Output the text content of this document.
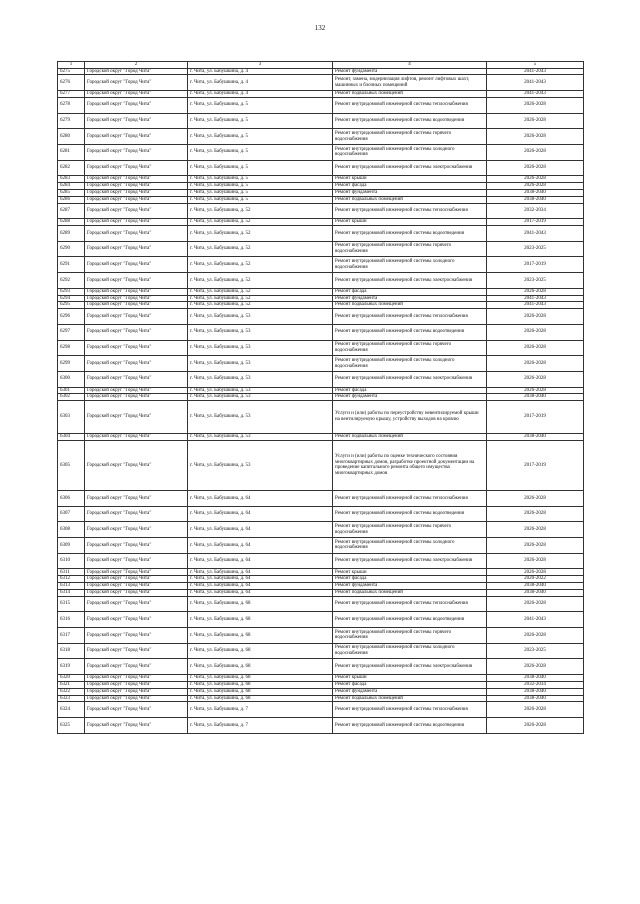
132
1	2	3	4	5
6275	Городской округ "Город Чита"	г. Чита, ул. Бабушкина, д. 4	Ремонт фундамента	2041-2043
6276	Городской округ "Город Чита"	г. Чита, ул. Бабушкина, д. 4	Ремонт, замена, модернизация лифтов, ремонт лифтовых шахт, машинных и блочных помещений	2041-2043
6277	Городской округ "Город Чита"	г. Чита, ул. Бабушкина, д. 4	Ремонт подвальных помещений	2041-2043
6278	Городской округ "Город Чита"	г. Чита, ул. Бабушкина, д. 5	Ремонт внутридомовой инженерной системы теплоснабжения	2026-2028
6279	Городской округ "Город Чита"	г. Чита, ул. Бабушкина, д. 5	Ремонт внутридомовой инженерной системы водоотведения	2026-2028
6280	Городской округ "Город Чита"	г. Чита, ул. Бабушкина, д. 5	Ремонт внутридомовой инженерной системы горячего водоснабжения	2026-2028
6281	Городской округ "Город Чита"	г. Чита, ул. Бабушкина, д. 5	Ремонт внутридомовой инженерной системы холодного водоснабжения	2026-2028
6282	Городской округ "Город Чита"	г. Чита, ул. Бабушкина, д. 5	Ремонт внутридомовой инженерной системы электроснабжения	2026-2028
6283	Городской округ "Город Чита"	г. Чита, ул. Бабушкина, д. 5	Ремонт крыши	2026-2028
6284	Городской округ "Город Чита"	г. Чита, ул. Бабушкина, д. 5	Ремонт фасада	2026-2028
6285	Городской округ "Город Чита"	г. Чита, ул. Бабушкина, д. 5	Ремонт фундамента	2038-2040
6286	Городской округ "Город Чита"	г. Чита, ул. Бабушкина, д. 5	Ремонт подвальных помещений	2038-2040
6287	Городской округ "Город Чита"	г. Чита, ул. Бабушкина, д. 52	Ремонт внутридомовой инженерной системы теплоснабжения	2032-2034
6288	Городской округ "Город Чита"	г. Чита, ул. Бабушкина, д. 52	Ремонт крыши	2017-2019
6289	Городской округ "Город Чита"	г. Чита, ул. Бабушкина, д. 52	Ремонт внутридомовой инженерной системы водоотведения	2041-2043
6290	Городской округ "Город Чита"	г. Чита, ул. Бабушкина, д. 52	Ремонт внутридомовой инженерной системы горячего водоснабжения	2023-2025
6291	Городской округ "Город Чита"	г. Чита, ул. Бабушкина, д. 52	Ремонт внутридомовой инженерной системы холодного водоснабжения	2017-2019
6292	Городской округ "Город Чита"	г. Чита, ул. Бабушкина, д. 52	Ремонт внутридомовой инженерной системы электроснабжения	2023-2025
6293	Городской округ "Город Чита"	г. Чита, ул. Бабушкина, д. 52	Ремонт фасада	2026-2028
6294	Городской округ "Город Чита"	г. Чита, ул. Бабушкина, д. 52	Ремонт фундамента	2041-2043
6295	Городской округ "Город Чита"	г. Чита, ул. Бабушкина, д. 52	Ремонт подвальных помещений	2041-2043
6296	Городской округ "Город Чита"	г. Чита, ул. Бабушкина, д. 53	Ремонт внутридомовой инженерной системы теплоснабжения	2026-2028
6297	Городской округ "Город Чита"	г. Чита, ул. Бабушкина, д. 53	Ремонт внутридомовой инженерной системы водоотведения	2026-2028
6298	Городской округ "Город Чита"	г. Чита, ул. Бабушкина, д. 53	Ремонт внутридомовой инженерной системы горячего водоснабжения	2026-2028
6299	Городской округ "Город Чита"	г. Чита, ул. Бабушкина, д. 53	Ремонт внутридомовой инженерной системы холодного водоснабжения	2026-2028
6300	Городской округ "Город Чита"	г. Чита, ул. Бабушкина, д. 53	Ремонт внутридомовой инженерной системы электроснабжения	2026-2028
6301	Городской округ "Город Чита"	г. Чита, ул. Бабушкина, д. 53	Ремонт фасада	2026-2028
6302	Городской округ "Город Чита"	г. Чита, ул. Бабушкина, д. 53	Ремонт фундамента	2038-2040
6303	Городской округ "Город Чита"	г. Чита, ул. Бабушкина, д. 53	Услуги и (или) работы по переустройству невентилируемой крыши на вентилируемую крышу, устройству выходов на кровлю	2017-2019
6304	Городской округ "Город Чита"	г. Чита, ул. Бабушкина, д. 53	Ремонт подвальных помещений	2038-2040
6305	Городской округ "Город Чита"	г. Чита, ул. Бабушкина, д. 53	Услуги и (или) работы по оценке технического состояния многоквартирных домов, разработке проектной документации на проведение капитального ремонта общего имущества многоквартирных домов	2017-2019
6306	Городской округ "Город Чита"	г. Чита, ул. Бабушкина, д. 64	Ремонт внутридомовой инженерной системы теплоснабжения	2026-2028
6307	Городской округ "Город Чита"	г. Чита, ул. Бабушкина, д. 64	Ремонт внутридомовой инженерной системы водоотведения	2026-2028
6308	Городской округ "Город Чита"	г. Чита, ул. Бабушкина, д. 64	Ремонт внутридомовой инженерной системы горячего водоснабжения	2026-2028
6309	Городской округ "Город Чита"	г. Чита, ул. Бабушкина, д. 64	Ремонт внутридомовой инженерной системы холодного водоснабжения	2026-2028
6310	Городской округ "Город Чита"	г. Чита, ул. Бабушкина, д. 64	Ремонт внутридомовой инженерной системы электроснабжения	2026-2028
6311	Городской округ "Город Чита"	г. Чита, ул. Бабушкина, д. 64	Ремонт крыши	2026-2028
6312	Городской округ "Город Чита"	г. Чита, ул. Бабушкина, д. 64	Ремонт фасада	2020-2022
6313	Городской округ "Город Чита"	г. Чита, ул. Бабушкина, д. 64	Ремонт фундамента	2038-2040
6314	Городской округ "Город Чита"	г. Чита, ул. Бабушкина, д. 64	Ремонт подвальных помещений	2038-2040
6315	Городской округ "Город Чита"	г. Чита, ул. Бабушкина, д. 68	Ремонт внутридомовой инженерной системы теплоснабжения	2026-2028
6316	Городской округ "Город Чита"	г. Чита, ул. Бабушкина, д. 68	Ремонт внутридомовой инженерной системы водоотведения	2041-2043
6317	Городской округ "Город Чита"	г. Чита, ул. Бабушкина, д. 68	Ремонт внутридомовой инженерной системы горячего водоснабжения	2026-2028
6318	Городской округ "Город Чита"	г. Чита, ул. Бабушкина, д. 68	Ремонт внутридомовой инженерной системы холодного водоснабжения	2023-2025
6319	Городской округ "Город Чита"	г. Чита, ул. Бабушкина, д. 68	Ремонт внутридомовой инженерной системы электроснабжения	2026-2028
6320	Городской округ "Город Чита"	г. Чита, ул. Бабушкина, д. 68	Ремонт крыши	2038-2040
6321	Городской округ "Город Чита"	г. Чита, ул. Бабушкина, д. 68	Ремонт фасада	2032-2034
6322	Городской округ "Город Чита"	г. Чита, ул. Бабушкина, д. 68	Ремонт фундамента	2038-2040
6323	Городской округ "Город Чита"	г. Чита, ул. Бабушкина, д. 68	Ремонт подвальных помещений	2038-2040
6324	Городской округ "Город Чита"	г. Чита, ул. Бабушкина, д. 7	Ремонт внутридомовой инженерной системы теплоснабжения	2026-2028
6325	Городской округ "Город Чита"	г. Чита, ул. Бабушкина, д. 7	Ремонт внутридомовой инженерной системы водоотведения	2026-2028
